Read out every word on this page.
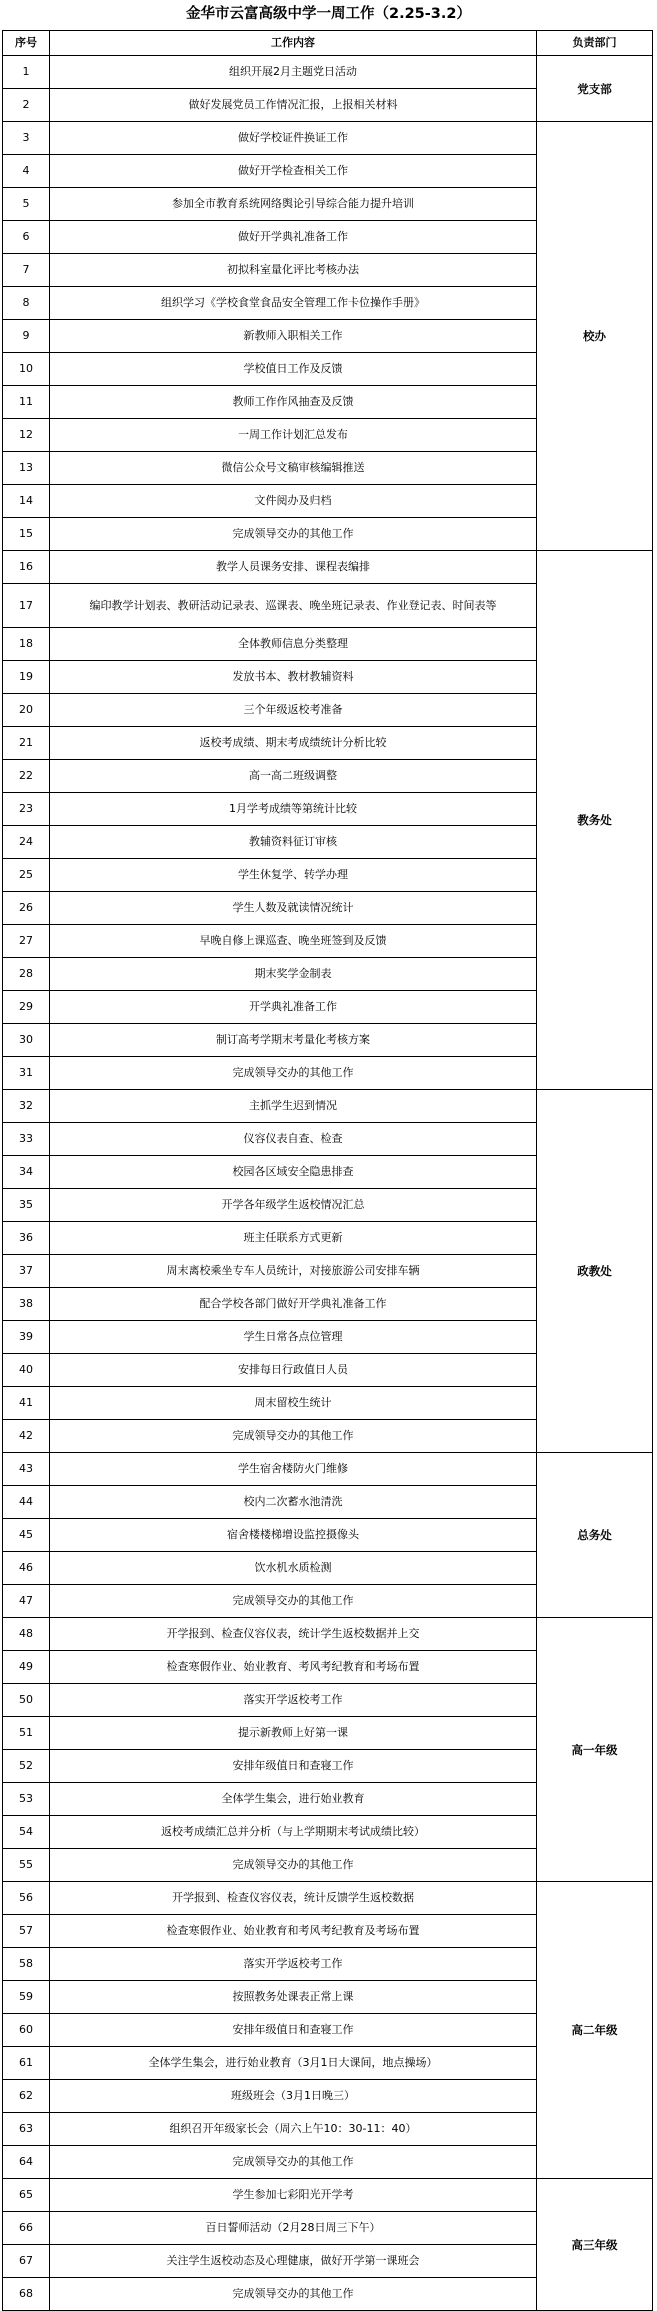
金华市云富高级中学一周工作（2.25-3.2）
序号	工作内容	负责部门
1	组织开展2月主题党日活动	党支部
2	做好发展党员工作情况汇报，上报相关材料	
3	做好学校证件换证工作	校办
4	做好开学检查相关工作	
5	参加全市教育系统网络舆论引导综合能力提升培训	
6	做好开学典礼准备工作	
7	初拟科室量化评比考核办法	
8	组织学习《学校食堂食品安全管理工作卡位操作手册》	
9	新教师入职相关工作	
10	学校值日工作及反馈	
11	教师工作作风抽查及反馈	
12	一周工作计划汇总发布	
13	微信公众号文稿审核编辑推送	
14	文件阅办及归档	
15	完成领导交办的其他工作	
16	教学人员课务安排、课程表编排	教务处
17	编印教学计划表、教研活动记录表、巡课表、晚坐班记录表、作业登记表、时间表等	
18	全体教师信息分类整理	
19	发放书本、教材教辅资料	
20	三个年级返校考准备	
21	返校考成绩、期末考成绩统计分析比较	
22	高一高二班级调整	
23	1月学考成绩等第统计比较	
24	教辅资料征订审核	
25	学生休复学、转学办理	
26	学生人数及就读情况统计	
27	早晚自修上课巡查、晚坐班签到及反馈	
28	期末奖学金制表	
29	开学典礼准备工作	
30	制订高考学期末考量化考核方案	
31	完成领导交办的其他工作	
32	主抓学生迟到情况	政教处
33	仪容仪表自查、检查	
34	校园各区域安全隐患排查	
35	开学各年级学生返校情况汇总	
36	班主任联系方式更新	
37	周末离校乘坐专车人员统计，对接旅游公司安排车辆	
38	配合学校各部门做好开学典礼准备工作	
39	学生日常各点位管理	
40	安排每日行政值日人员	
41	周末留校生统计	
42	完成领导交办的其他工作	
43	学生宿舍楼防火门维修	总务处
44	校内二次蓄水池清洗	
45	宿舍楼楼梯增设监控摄像头	
46	饮水机水质检测	
47	完成领导交办的其他工作	
48	开学报到、检查仪容仪表，统计学生返校数据并上交	高一年级
49	检查寒假作业、始业教育、考风考纪教育和考场布置	
50	落实开学返校考工作	
51	提示新教师上好第一课	
52	安排年级值日和查寝工作	
53	全体学生集会，进行始业教育	
54	返校考成绩汇总并分析（与上学期期末考试成绩比较）	
55	完成领导交办的其他工作	
56	开学报到、检查仪容仪表，统计反馈学生返校数据	高二年级
57	检查寒假作业、始业教育和考风考纪教育及考场布置	
58	落实开学返校考工作	
59	按照教务处课表正常上课	
60	安排年级值日和查寝工作	
61	全体学生集会，进行始业教育（3月1日大课间，地点操场）	
62	班级班会（3月1日晚三）	
63	组织召开年级家长会（周六上午10：30-11：40）	
64	完成领导交办的其他工作	
65	学生参加七彩阳光开学考	高三年级
66	百日誓师活动（2月28日周三下午）	
67	关注学生返校动态及心理健康，做好开学第一课班会	
68	完成领导交办的其他工作	
